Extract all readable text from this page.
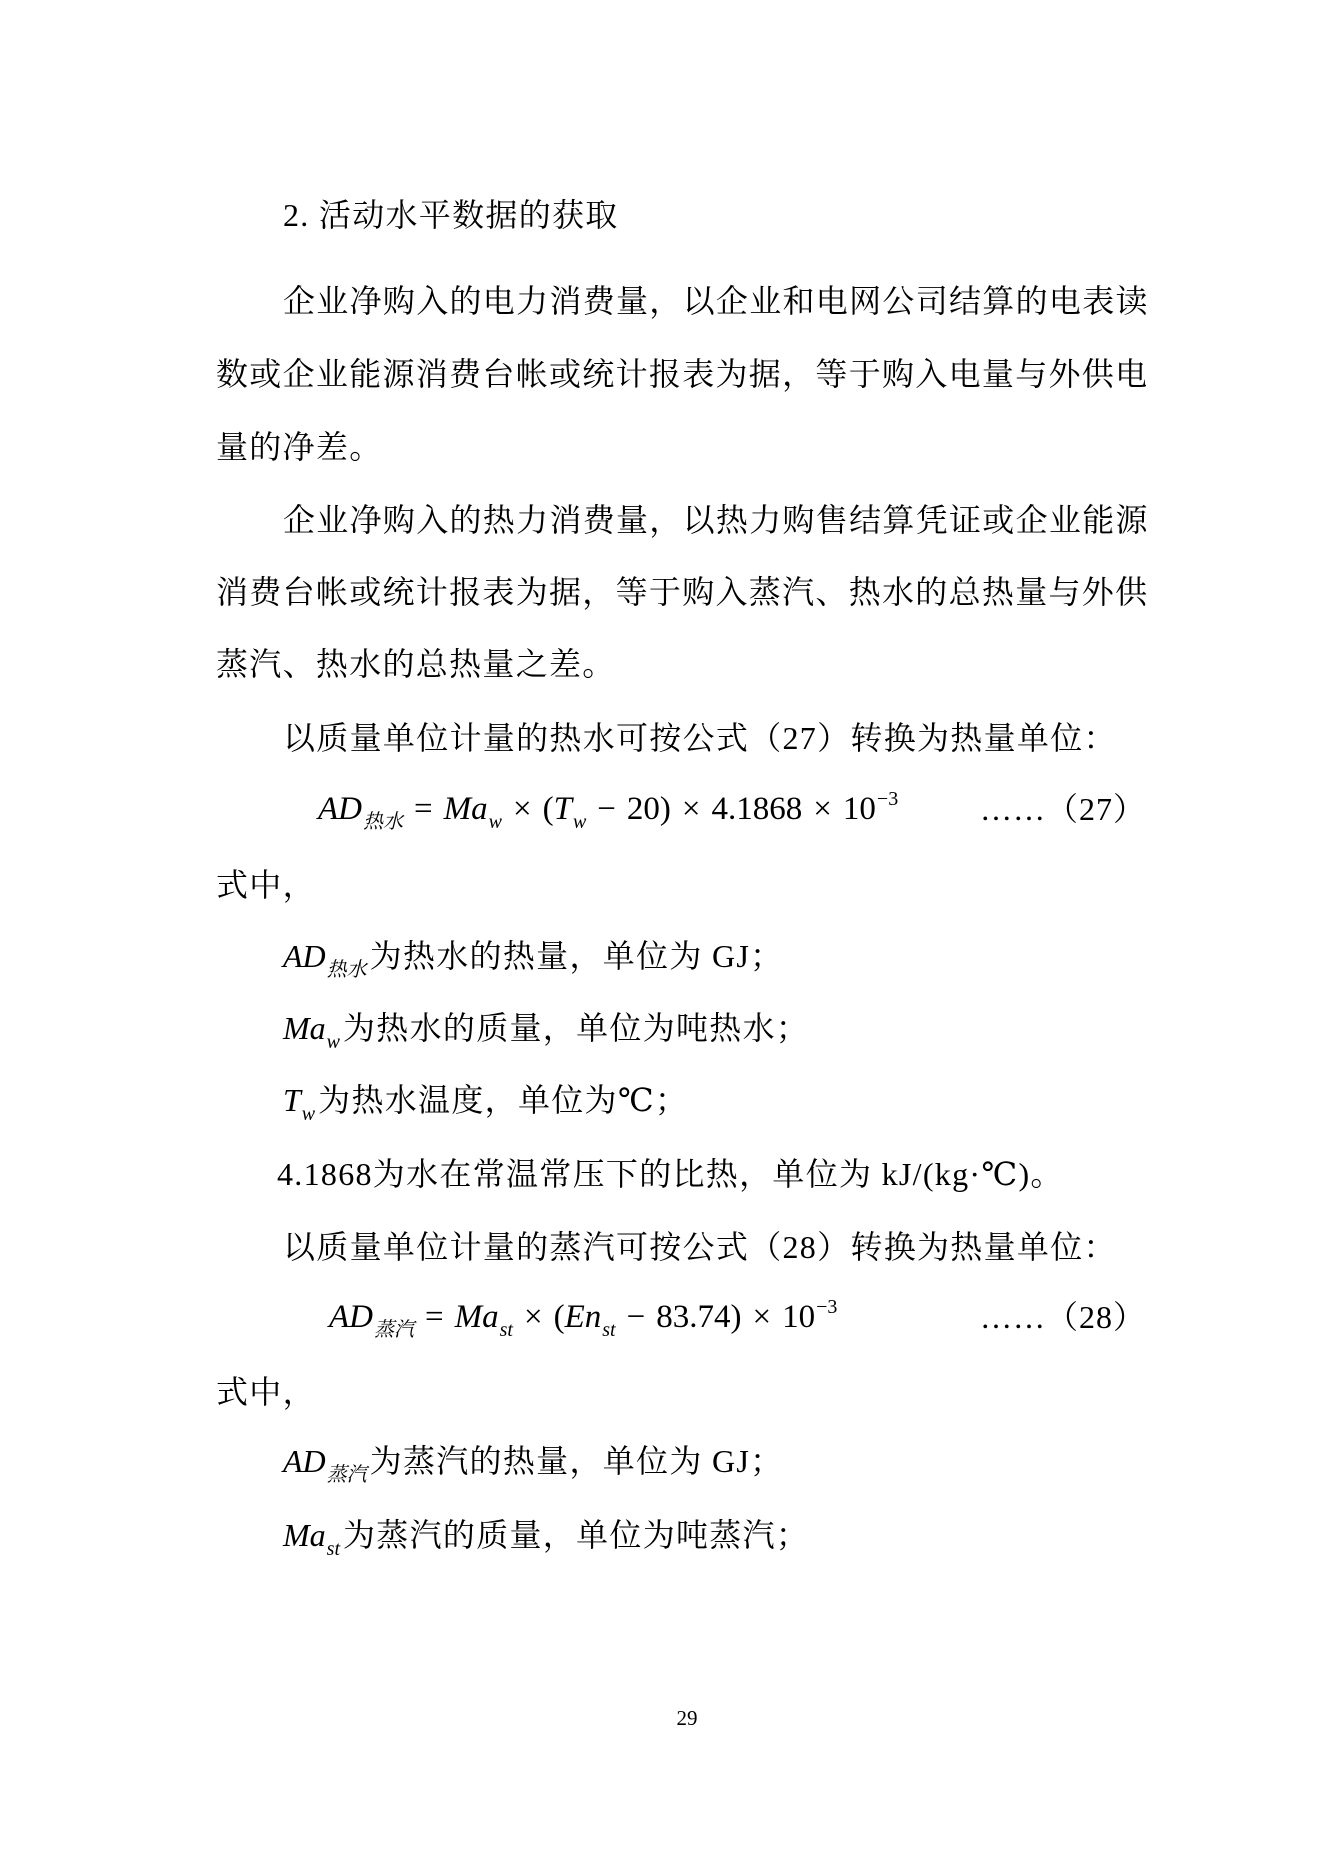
2. 活动水平数据的获取
企业净购入的电力消费量，以企业和电网公司结算的电表读
数或企业能源消费台帐或统计报表为据，等于购入电量与外供电
量的净差。
企业净购入的热力消费量，以热力购售结算凭证或企业能源
消费台帐或统计报表为据，等于购入蒸汽、热水的总热量与外供
蒸汽、热水的总热量之差。
以质量单位计量的热水可按公式（27）转换为热量单位：
$AD_{热水} = Ma_w \times (T_w - 20) \times 4.1868 \times 10^{-3}$	……（27）
式中，
$AD_{热水}$为热水的热量，单位为 GJ；
$Ma_w$为热水的质量，单位为吨热水；
$T_w$为热水温度，单位为℃；
4.1868为水在常温常压下的比热，单位为 kJ/(kg·℃)。
以质量单位计量的蒸汽可按公式（28）转换为热量单位：
$AD_{蒸汽} = Ma_{st} \times (En_{st} - 83.74) \times 10^{-3}$	……（28）
式中，
$AD_{蒸汽}$为蒸汽的热量，单位为 GJ；
$Ma_{st}$为蒸汽的质量，单位为吨蒸汽；
29
